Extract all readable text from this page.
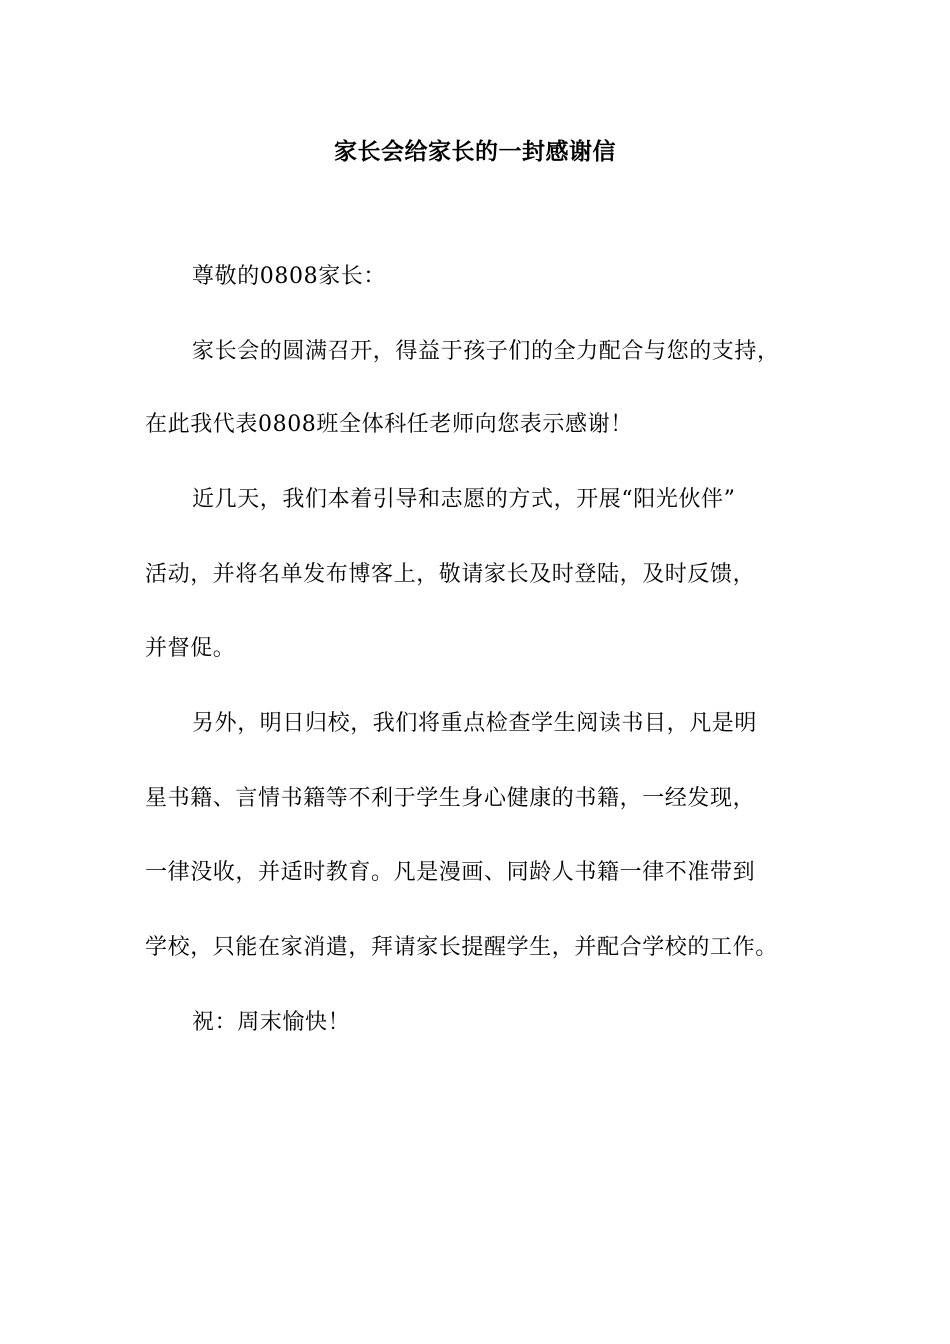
家长会给家长的一封感谢信
尊敬的0808家长：
家长会的圆满召开，得益于孩子们的全力配合与您的支持，
在此我代表0808班全体科任老师向您表示感谢！
近几天，我们本着引导和志愿的方式，开展“阳光伙伴”
活动，并将名单发布博客上，敬请家长及时登陆，及时反馈，
并督促。
另外，明日归校，我们将重点检查学生阅读书目，凡是明
星书籍、言情书籍等不利于学生身心健康的书籍，一经发现，
一律没收，并适时教育。凡是漫画、同龄人书籍一律不准带到
学校，只能在家消遣，拜请家长提醒学生，并配合学校的工作。
祝：周末愉快！
